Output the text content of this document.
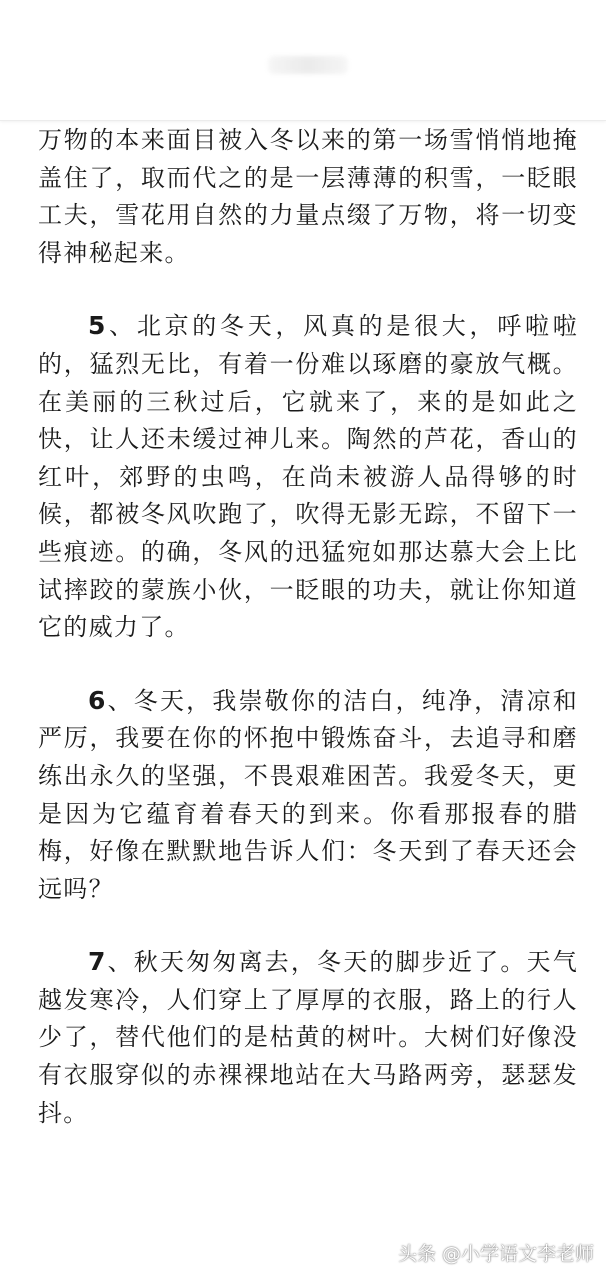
万物的本来面目被入冬以来的第一场雪悄悄地掩盖住了，取而代之的是一层薄薄的积雪，一眨眼工夫，雪花用自然的力量点缀了万物，将一切变得神秘起来。

5、北京的冬天，风真的是很大，呼啦啦的，猛烈无比，有着一份难以琢磨的豪放气概。在美丽的三秋过后，它就来了，来的是如此之快，让人还未缓过神儿来。陶然的芦花，香山的红叶，郊野的虫鸣，在尚未被游人品得够的时候，都被冬风吹跑了，吹得无影无踪，不留下一些痕迹。的确，冬风的迅猛宛如那达慕大会上比试摔跤的蒙族小伙，一眨眼的功夫，就让你知道它的威力了。

6、冬天，我崇敬你的洁白，纯净，清凉和严厉，我要在你的怀抱中锻炼奋斗，去追寻和磨练出永久的坚强，不畏艰难困苦。我爱冬天，更是因为它蕴育着春天的到来。你看那报春的腊梅，好像在默默地告诉人们：冬天到了春天还会远吗？

7、秋天匆匆离去，冬天的脚步近了。天气越发寒冷，人们穿上了厚厚的衣服，路上的行人少了，替代他们的是枯黄的树叶。大树们好像没有衣服穿似的赤裸裸地站在大马路两旁，瑟瑟发抖。

头条 @小学语文李老师
